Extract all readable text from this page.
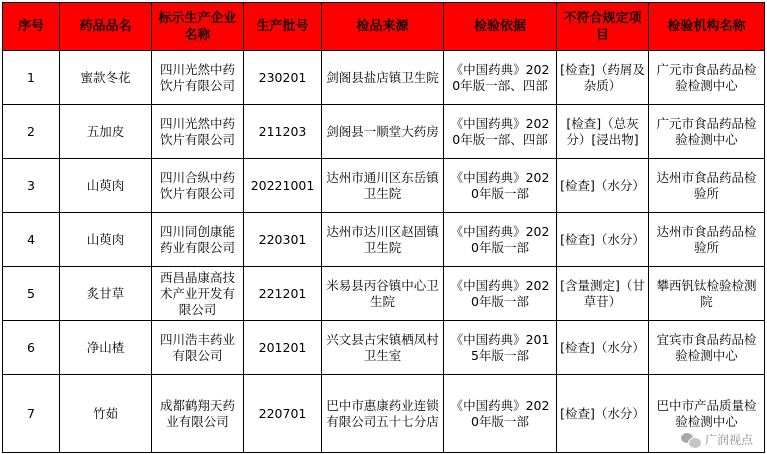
序号	药品品名	标示生产企业名称	生产批号	检品来源	检验依据	不符合规定项目	检验机构名称
1	蜜款冬花	四川光然中药饮片有限公司	230201	剑阁县盐店镇卫生院	《中国药典》2020年版一部、四部	[检查]（药屑及杂质）	广元市食品药品检验检测中心
2	五加皮	四川光然中药饮片有限公司	211203	剑阁县一顺堂大药房	《中国药典》2020年版一部、四部	[检查]（总灰分）[浸出物]	广元市食品药品检验检测中心
3	山萸肉	四川合纵中药饮片有限公司	20221001	达州市通川区东岳镇卫生院	《中国药典》2020年版一部	[检查]（水分）	达州市食品药品检验所
4	山萸肉	四川同创康能药业有限公司	220301	达州市达川区赵固镇卫生院	《中国药典》2020年版一部	[检查]（水分）	达州市食品药品检验所
5	炙甘草	西昌晶康高技术产业开发有限公司	221201	米易县丙谷镇中心卫生院	《中国药典》2020年版一部	[含量测定]（甘草苷）	攀西钒钛检验检测院
6	净山楂	四川浩丰药业有限公司	201201	兴文县古宋镇栖凤村卫生室	《中国药典》2015年版一部	[检查]（水分）	宜宾市食品药品检验检测中心
7	竹茹	成都鹤翔天药业有限公司	220701	巴中市惠康药业连锁有限公司五十七分店	《中国药典》2020年版一部	[检查]（水分）	巴中市产品质量检验检测中心
广润视点
